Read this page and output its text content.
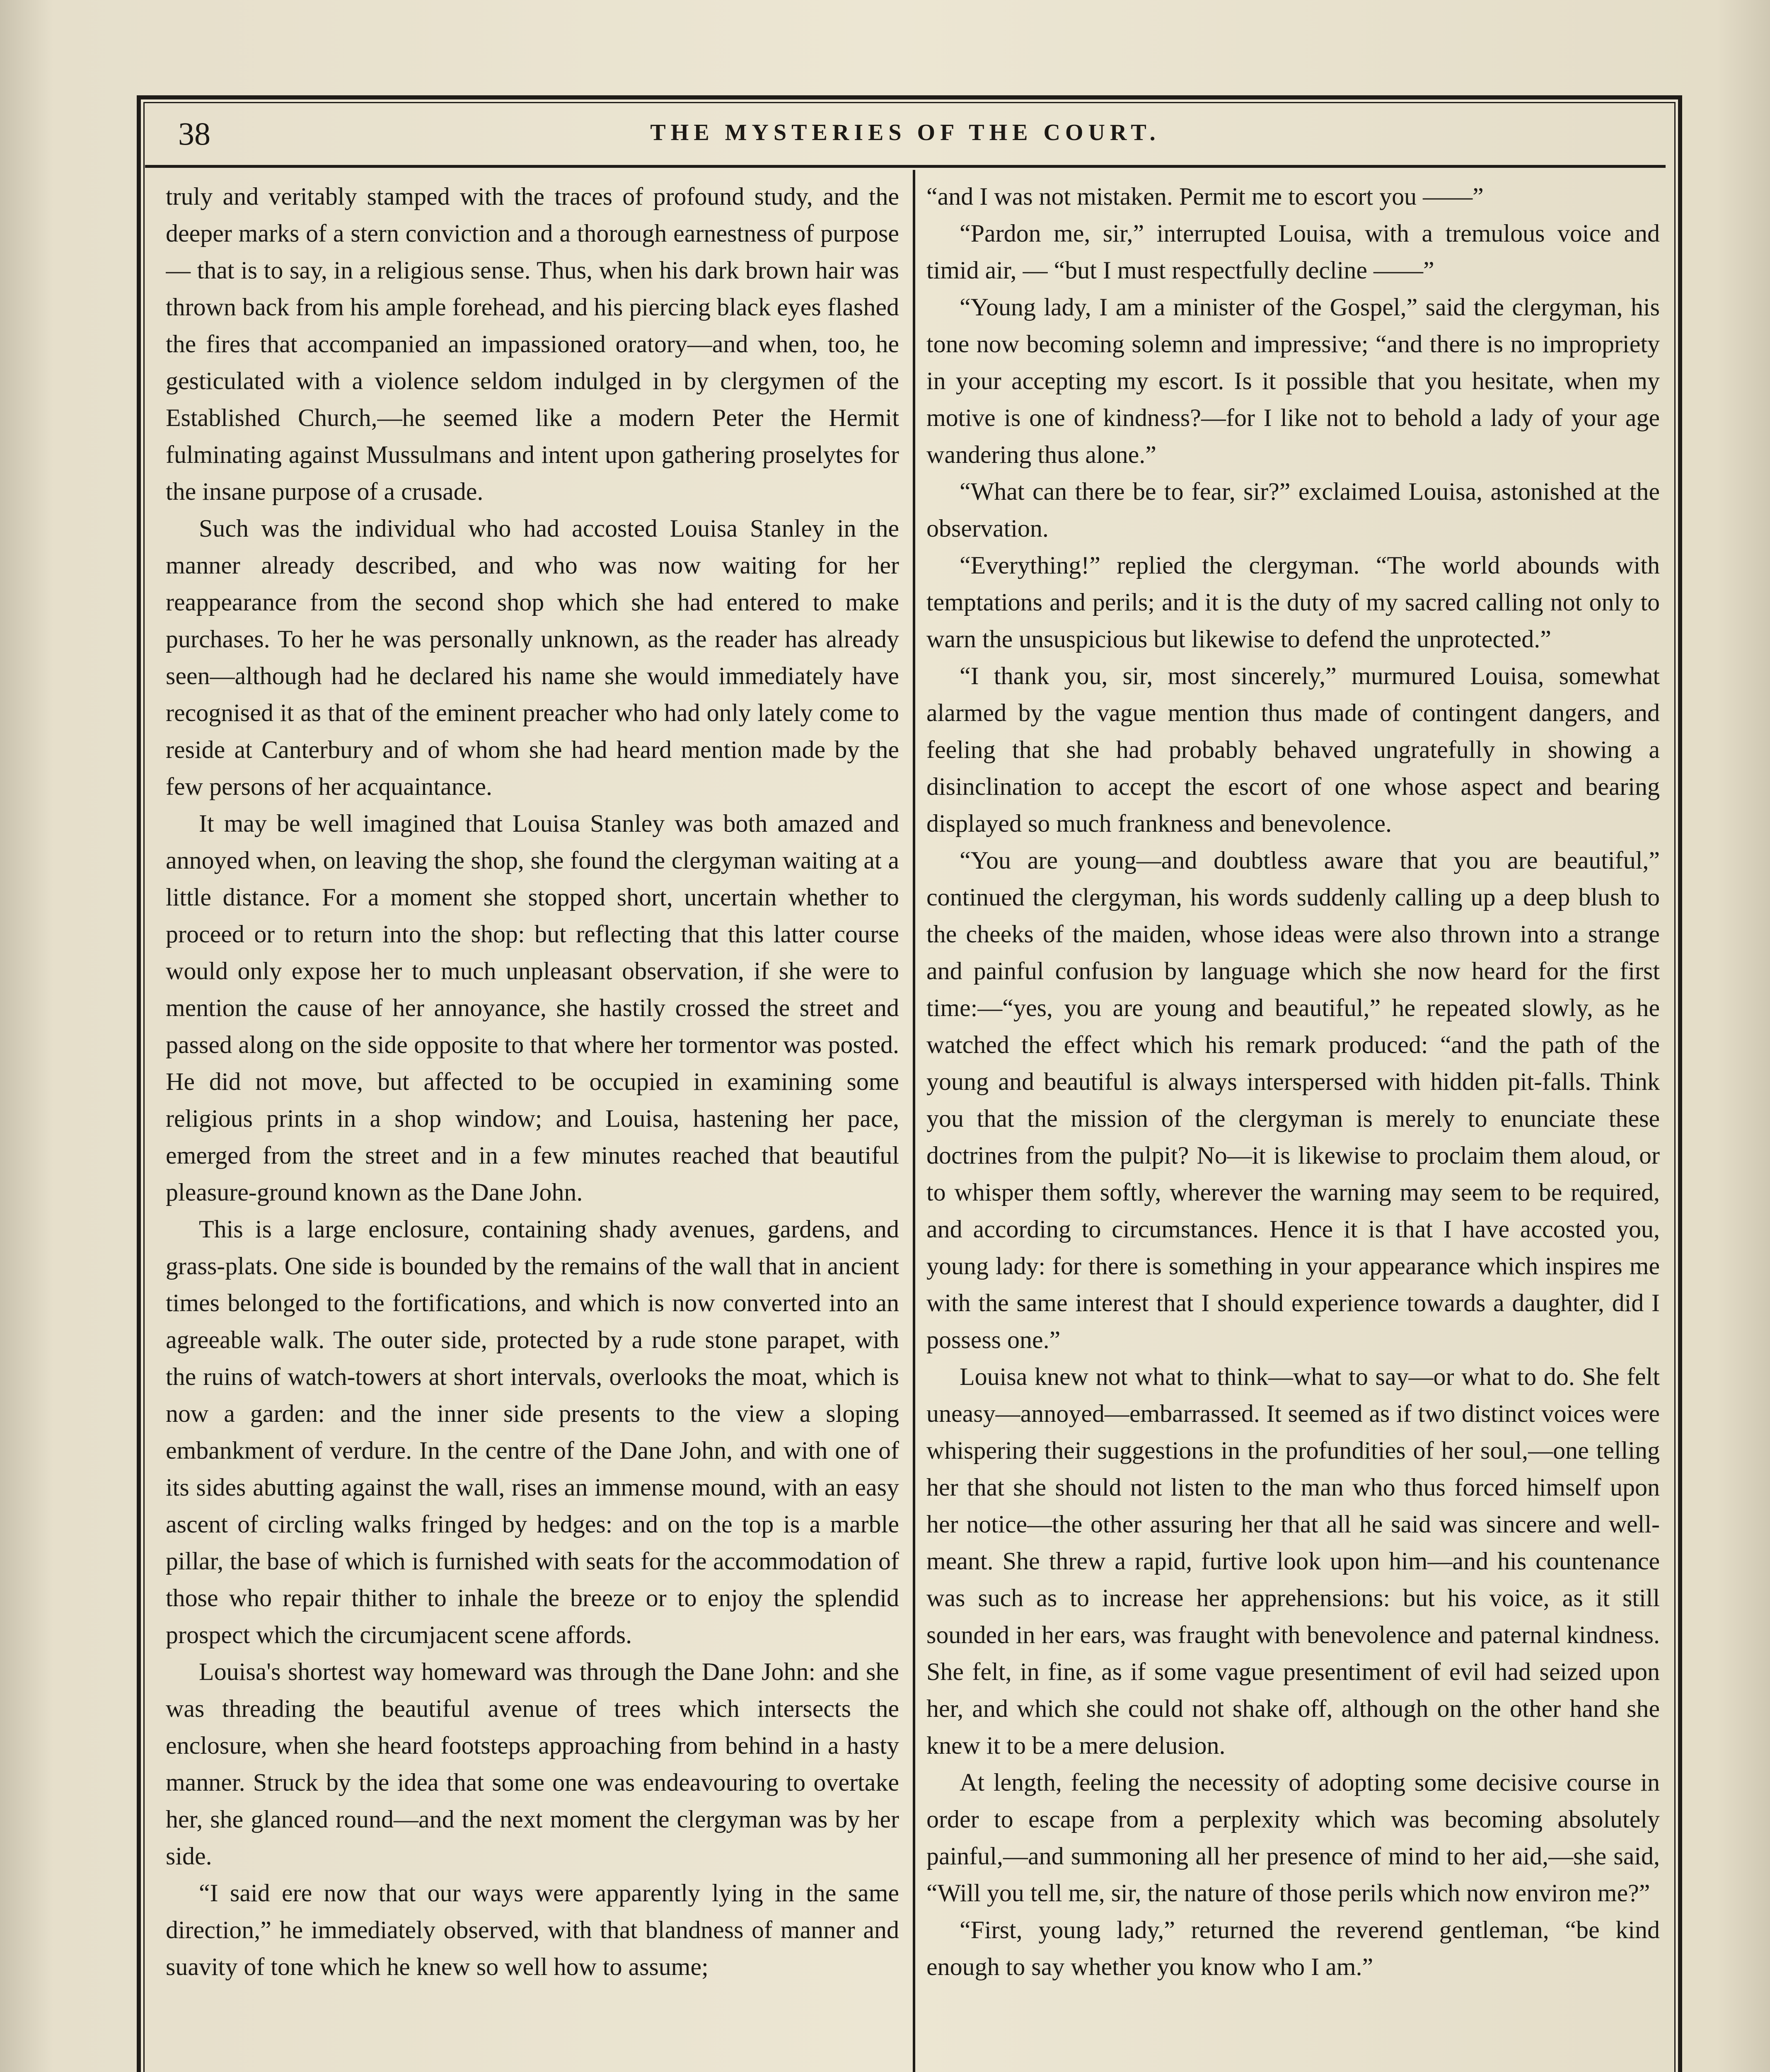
38	THE MYSTERIES OF THE COURT.

truly and veritably stamped with the traces of profound study, and the deeper marks of a stern conviction and a thorough earnestness of purpose — that is to say, in a religious sense. Thus, when his dark brown hair was thrown back from his ample forehead, and his piercing black eyes flashed the fires that accompanied an impassioned oratory—and when, too, he gesticulated with a violence seldom indulged in by clergymen of the Established Church,—he seemed like a modern Peter the Hermit fulminating against Mussulmans and intent upon gathering proselytes for the insane purpose of a crusade.

Such was the individual who had accosted Louisa Stanley in the manner already described, and who was now waiting for her reappearance from the second shop which she had entered to make purchases. To her he was personally unknown, as the reader has already seen—although had he declared his name she would immediately have recognised it as that of the eminent preacher who had only lately come to reside at Canterbury and of whom she had heard mention made by the few persons of her acquaintance.

It may be well imagined that Louisa Stanley was both amazed and annoyed when, on leaving the shop, she found the clergyman waiting at a little distance. For a moment she stopped short, uncertain whether to proceed or to return into the shop: but reflecting that this latter course would only expose her to much unpleasant observation, if she were to mention the cause of her annoyance, she hastily crossed the street and passed along on the side opposite to that where her tormentor was posted. He did not move, but affected to be occupied in examining some religious prints in a shop window; and Louisa, hastening her pace, emerged from the street and in a few minutes reached that beautiful pleasure-ground known as the Dane John.

This is a large enclosure, containing shady avenues, gardens, and grass-plats. One side is bounded by the remains of the wall that in ancient times belonged to the fortifications, and which is now converted into an agreeable walk. The outer side, protected by a rude stone parapet, with the ruins of watch-towers at short intervals, overlooks the moat, which is now a garden: and the inner side presents to the view a sloping embankment of verdure. In the centre of the Dane John, and with one of its sides abutting against the wall, rises an immense mound, with an easy ascent of circling walks fringed by hedges: and on the top is a marble pillar, the base of which is furnished with seats for the accommodation of those who repair thither to inhale the breeze or to enjoy the splendid prospect which the circumjacent scene affords.

Louisa's shortest way homeward was through the Dane John: and she was threading the beautiful avenue of trees which intersects the enclosure, when she heard footsteps approaching from behind in a hasty manner. Struck by the idea that some one was endeavouring to overtake her, she glanced round—and the next moment the clergyman was by her side.

“I said ere now that our ways were apparently lying in the same direction,” he immediately observed, with that blandness of manner and suavity of tone which he knew so well how to assume;

“and I was not mistaken. Permit me to escort you ——”

“Pardon me, sir,” interrupted Louisa, with a tremulous voice and timid air, — “but I must respectfully decline ——”

“Young lady, I am a minister of the Gospel,” said the clergyman, his tone now becoming solemn and impressive; “and there is no impropriety in your accepting my escort. Is it possible that you hesitate, when my motive is one of kindness?—for I like not to behold a lady of your age wandering thus alone.”

“What can there be to fear, sir?” exclaimed Louisa, astonished at the observation.

“Everything!” replied the clergyman. “The world abounds with temptations and perils; and it is the duty of my sacred calling not only to warn the unsuspicious but likewise to defend the unprotected.”

“I thank you, sir, most sincerely,” murmured Louisa, somewhat alarmed by the vague mention thus made of contingent dangers, and feeling that she had probably behaved ungratefully in showing a disinclination to accept the escort of one whose aspect and bearing displayed so much frankness and benevolence.

“You are young—and doubtless aware that you are beautiful,” continued the clergyman, his words suddenly calling up a deep blush to the cheeks of the maiden, whose ideas were also thrown into a strange and painful confusion by language which she now heard for the first time:—“yes, you are young and beautiful,” he repeated slowly, as he watched the effect which his remark produced: “and the path of the young and beautiful is always interspersed with hidden pit-falls. Think you that the mission of the clergyman is merely to enunciate these doctrines from the pulpit? No—it is likewise to proclaim them aloud, or to whisper them softly, wherever the warning may seem to be required, and according to circumstances. Hence it is that I have accosted you, young lady: for there is something in your appearance which inspires me with the same interest that I should experience towards a daughter, did I possess one.”

Louisa knew not what to think—what to say—or what to do. She felt uneasy—annoyed—embarrassed. It seemed as if two distinct voices were whispering their suggestions in the profundities of her soul,—one telling her that she should not listen to the man who thus forced himself upon her notice—the other assuring her that all he said was sincere and well-meant. She threw a rapid, furtive look upon him—and his countenance was such as to increase her apprehensions: but his voice, as it still sounded in her ears, was fraught with benevolence and paternal kindness. She felt, in fine, as if some vague presentiment of evil had seized upon her, and which she could not shake off, although on the other hand she knew it to be a mere delusion.

At length, feeling the necessity of adopting some decisive course in order to escape from a perplexity which was becoming absolutely painful,—and summoning all her presence of mind to her aid,—she said, “Will you tell me, sir, the nature of those perils which now environ me?”

“First, young lady,” returned the reverend gentleman, “be kind enough to say whether you know who I am.”
